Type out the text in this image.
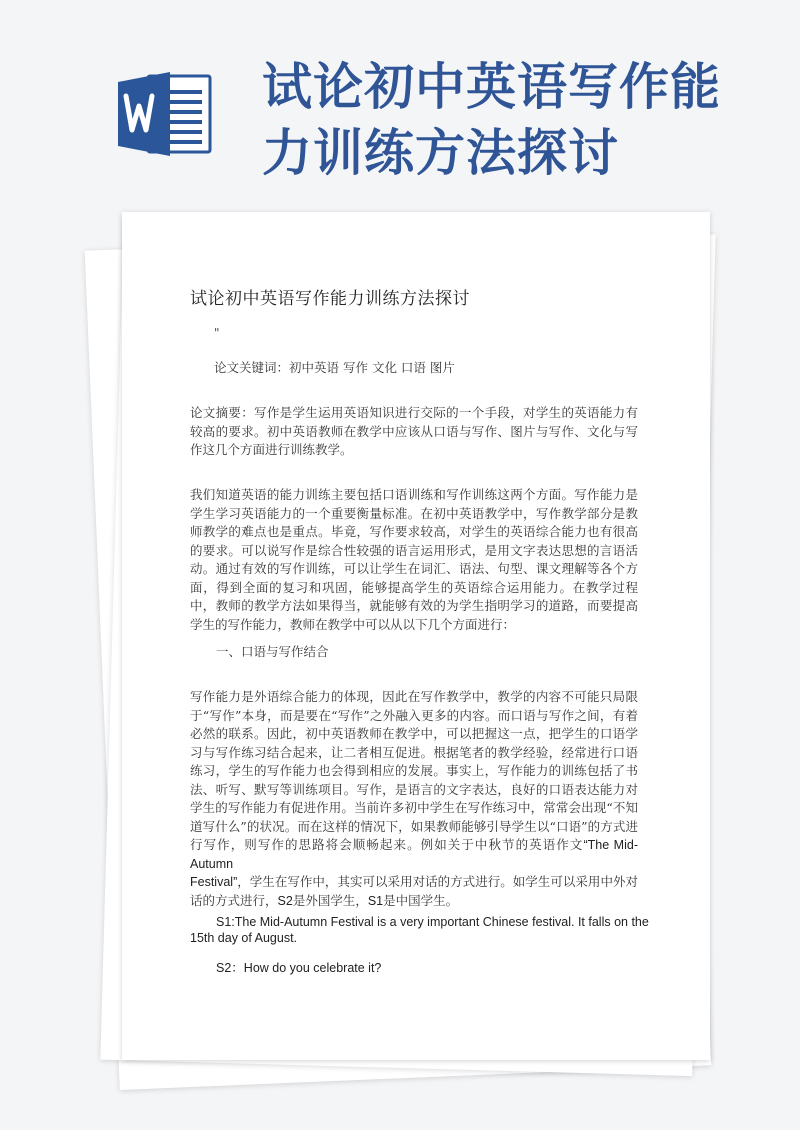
试论初中英语写作能力训练方法探讨
试论初中英语写作能力训练方法探讨
"
论文关键词：初中英语 写作 文化 口语 图片

论文摘要：写作是学生运用英语知识进行交际的一个手段，对学生的英语能力有较高的要求。初中英语教师在教学中应该从口语与写作、图片与写作、文化与写作这几个方面进行训练教学。

我们知道英语的能力训练主要包括口语训练和写作训练这两个方面。写作能力是学生学习英语能力的一个重要衡量标准。在初中英语教学中，写作教学部分是教师教学的难点也是重点。毕竟，写作要求较高，对学生的英语综合能力也有很高的要求。可以说写作是综合性较强的语言运用形式，是用文字表达思想的言语活动。通过有效的写作训练，可以让学生在词汇、语法、句型、课文理解等各个方面，得到全面的复习和巩固，能够提高学生的英语综合运用能力。在教学过程中，教师的教学方法如果得当，就能够有效的为学生指明学习的道路，而要提高学生的写作能力，教师在教学中可以从以下几个方面进行：

一、口语与写作结合

写作能力是外语综合能力的体现，因此在写作教学中，教学的内容不可能只局限于“写作”本身，而是要在“写作”之外融入更多的内容。而口语与写作之间，有着必然的联系。因此，初中英语教师在教学中，可以把握这一点，把学生的口语学习与写作练习结合起来，让二者相互促进。根据笔者的教学经验，经常进行口语练习，学生的写作能力也会得到相应的发展。事实上，写作能力的训练包括了书法、听写、默写等训练项目。写作，是语言的文字表达，良好的口语表达能力对学生的写作能力有促进作用。当前许多初中学生在写作练习中，常常会出现“不知道写什么”的状况。而在这样的情况下，如果教师能够引导学生以“口语”的方式进行写作，则写作的思路将会顺畅起来。例如关于中秋节的英语作文“The Mid-Autumn
Festival”，学生在写作中，其实可以采用对话的方式进行。如学生可以采用中外对话的方式进行，S2是外国学生，S1是中国学生。

S1:The Mid-Autumn Festival is a very important Chinese festival. It falls on the 15th day of August.

S2：How do you celebrate it?
